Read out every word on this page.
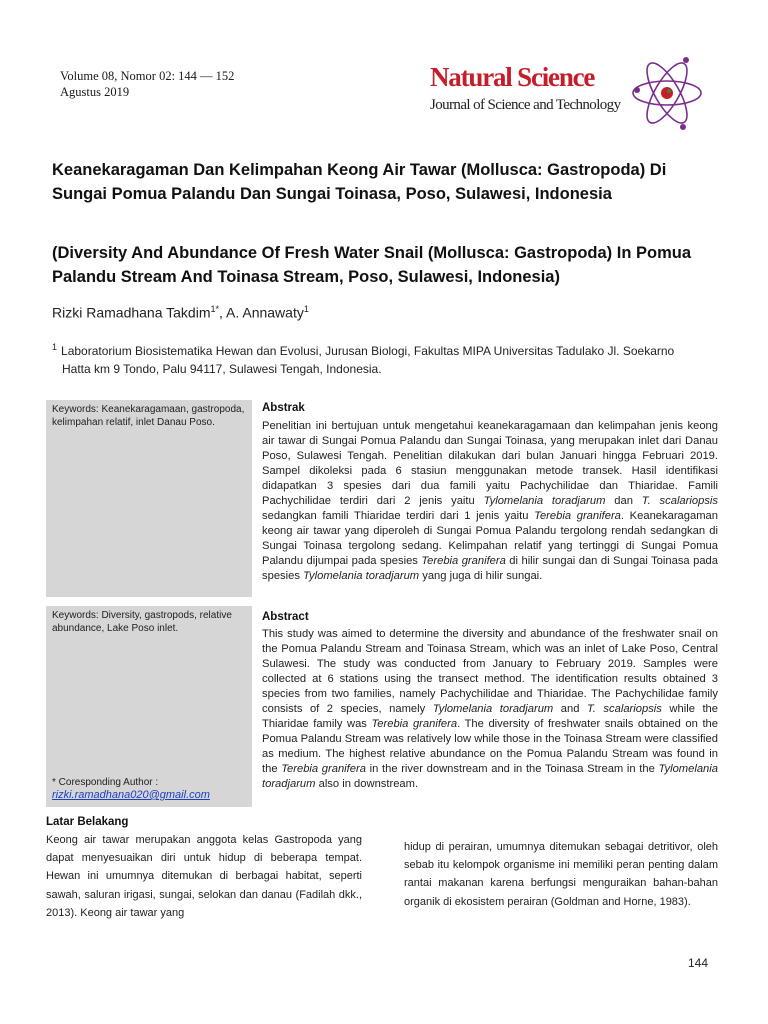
Volume 08, Nomor 02: 144 — 152
Agustus 2019	Natural Science
Journal of Science and Technology
Keanekaragaman Dan Kelimpahan Keong Air Tawar (Mollusca: Gastropoda) Di Sungai Pomua Palandu Dan Sungai Toinasa, Poso, Sulawesi, Indonesia
(Diversity And Abundance Of Fresh Water Snail (Mollusca: Gastropoda) In Pomua Palandu Stream And Toinasa Stream, Poso, Sulawesi, Indonesia)
Rizki Ramadhana Takdim$^{1*}$, A. Annawaty$^1$
$^1$ Laboratorium Biosistematika Hewan dan Evolusi, Jurusan Biologi, Fakultas MIPA Universitas Tadulako Jl. Soekarno
Hatta km 9 Tondo, Palu 94117, Sulawesi Tengah, Indonesia.
Keywords: Keanekaragamaan, gastropoda, kelimpahan relatif, inlet Danau Poso.
Keywords: Diversity, gastropods, relative abundance, Lake Poso inlet.
* Coresponding Author :
rizki.ramadhana020@gmail.com
Abstrak

Penelitian ini bertujuan untuk mengetahui keanekaragamaan dan kelimpahan jenis keong air tawar di Sungai Pomua Palandu dan Sungai Toinasa, yang merupakan inlet dari Danau Poso, Sulawesi Tengah. Penelitian dilakukan dari bulan Januari hingga Februari 2019. Sampel dikoleksi pada 6 stasiun menggunakan metode transek. Hasil identifikasi didapatkan 3 spesies dari dua famili yaitu Pachychilidae dan Thiaridae. Famili Pachychilidae terdiri dari 2 jenis yaitu Tylomelania toradjarum dan T. scalariopsis sedangkan famili Thiaridae terdiri dari 1 jenis yaitu Terebia granifera. Keanekaragaman keong air tawar yang diperoleh di Sungai Pomua Palandu tergolong rendah sedangkan di Sungai Toinasa tergolong sedang. Kelimpahan relatif yang tertinggi di Sungai Pomua Palandu dijumpai pada spesies Terebia granifera di hilir sungai dan di Sungai Toinasa pada spesies Tylomelania toradjarum yang juga di hilir sungai.

Abstract

This study was aimed to determine the diversity and abundance of the freshwater snail on the Pomua Palandu Stream and Toinasa Stream, which was an inlet of Lake Poso, Central Sulawesi. The study was conducted from January to February 2019. Samples were collected at 6 stations using the transect method. The identification results obtained 3 species from two families, namely Pachychilidae and Thiaridae. The Pachychilidae family consists of 2 species, namely Tylomelania toradjarum and T. scalariopsis while the Thiaridae family was Terebia granifera. The diversity of freshwater snails obtained on the Pomua Palandu Stream was relatively low while those in the Toinasa Stream were classified as medium. The highest relative abundance on the Pomua Palandu Stream was found in the Terebia granifera in the river downstream and in the Toinasa Stream in the Tylomelania toradjarum also in downstream.

Latar Belakang

Keong air tawar merupakan anggota kelas Gastropoda yang dapat menyesuaikan diri untuk hidup di beberapa tempat. Hewan ini umumnya ditemukan di berbagai habitat, seperti sawah, saluran irigasi, sungai, selokan dan danau (Fadilah dkk., 2013). Keong air tawar yang

hidup di perairan, umumnya ditemukan sebagai detritivor, oleh sebab itu kelompok organisme ini memiliki peran penting dalam rantai makanan karena berfungsi menguraikan bahan-bahan organik di ekosistem perairan (Goldman and Horne, 1983).

144
